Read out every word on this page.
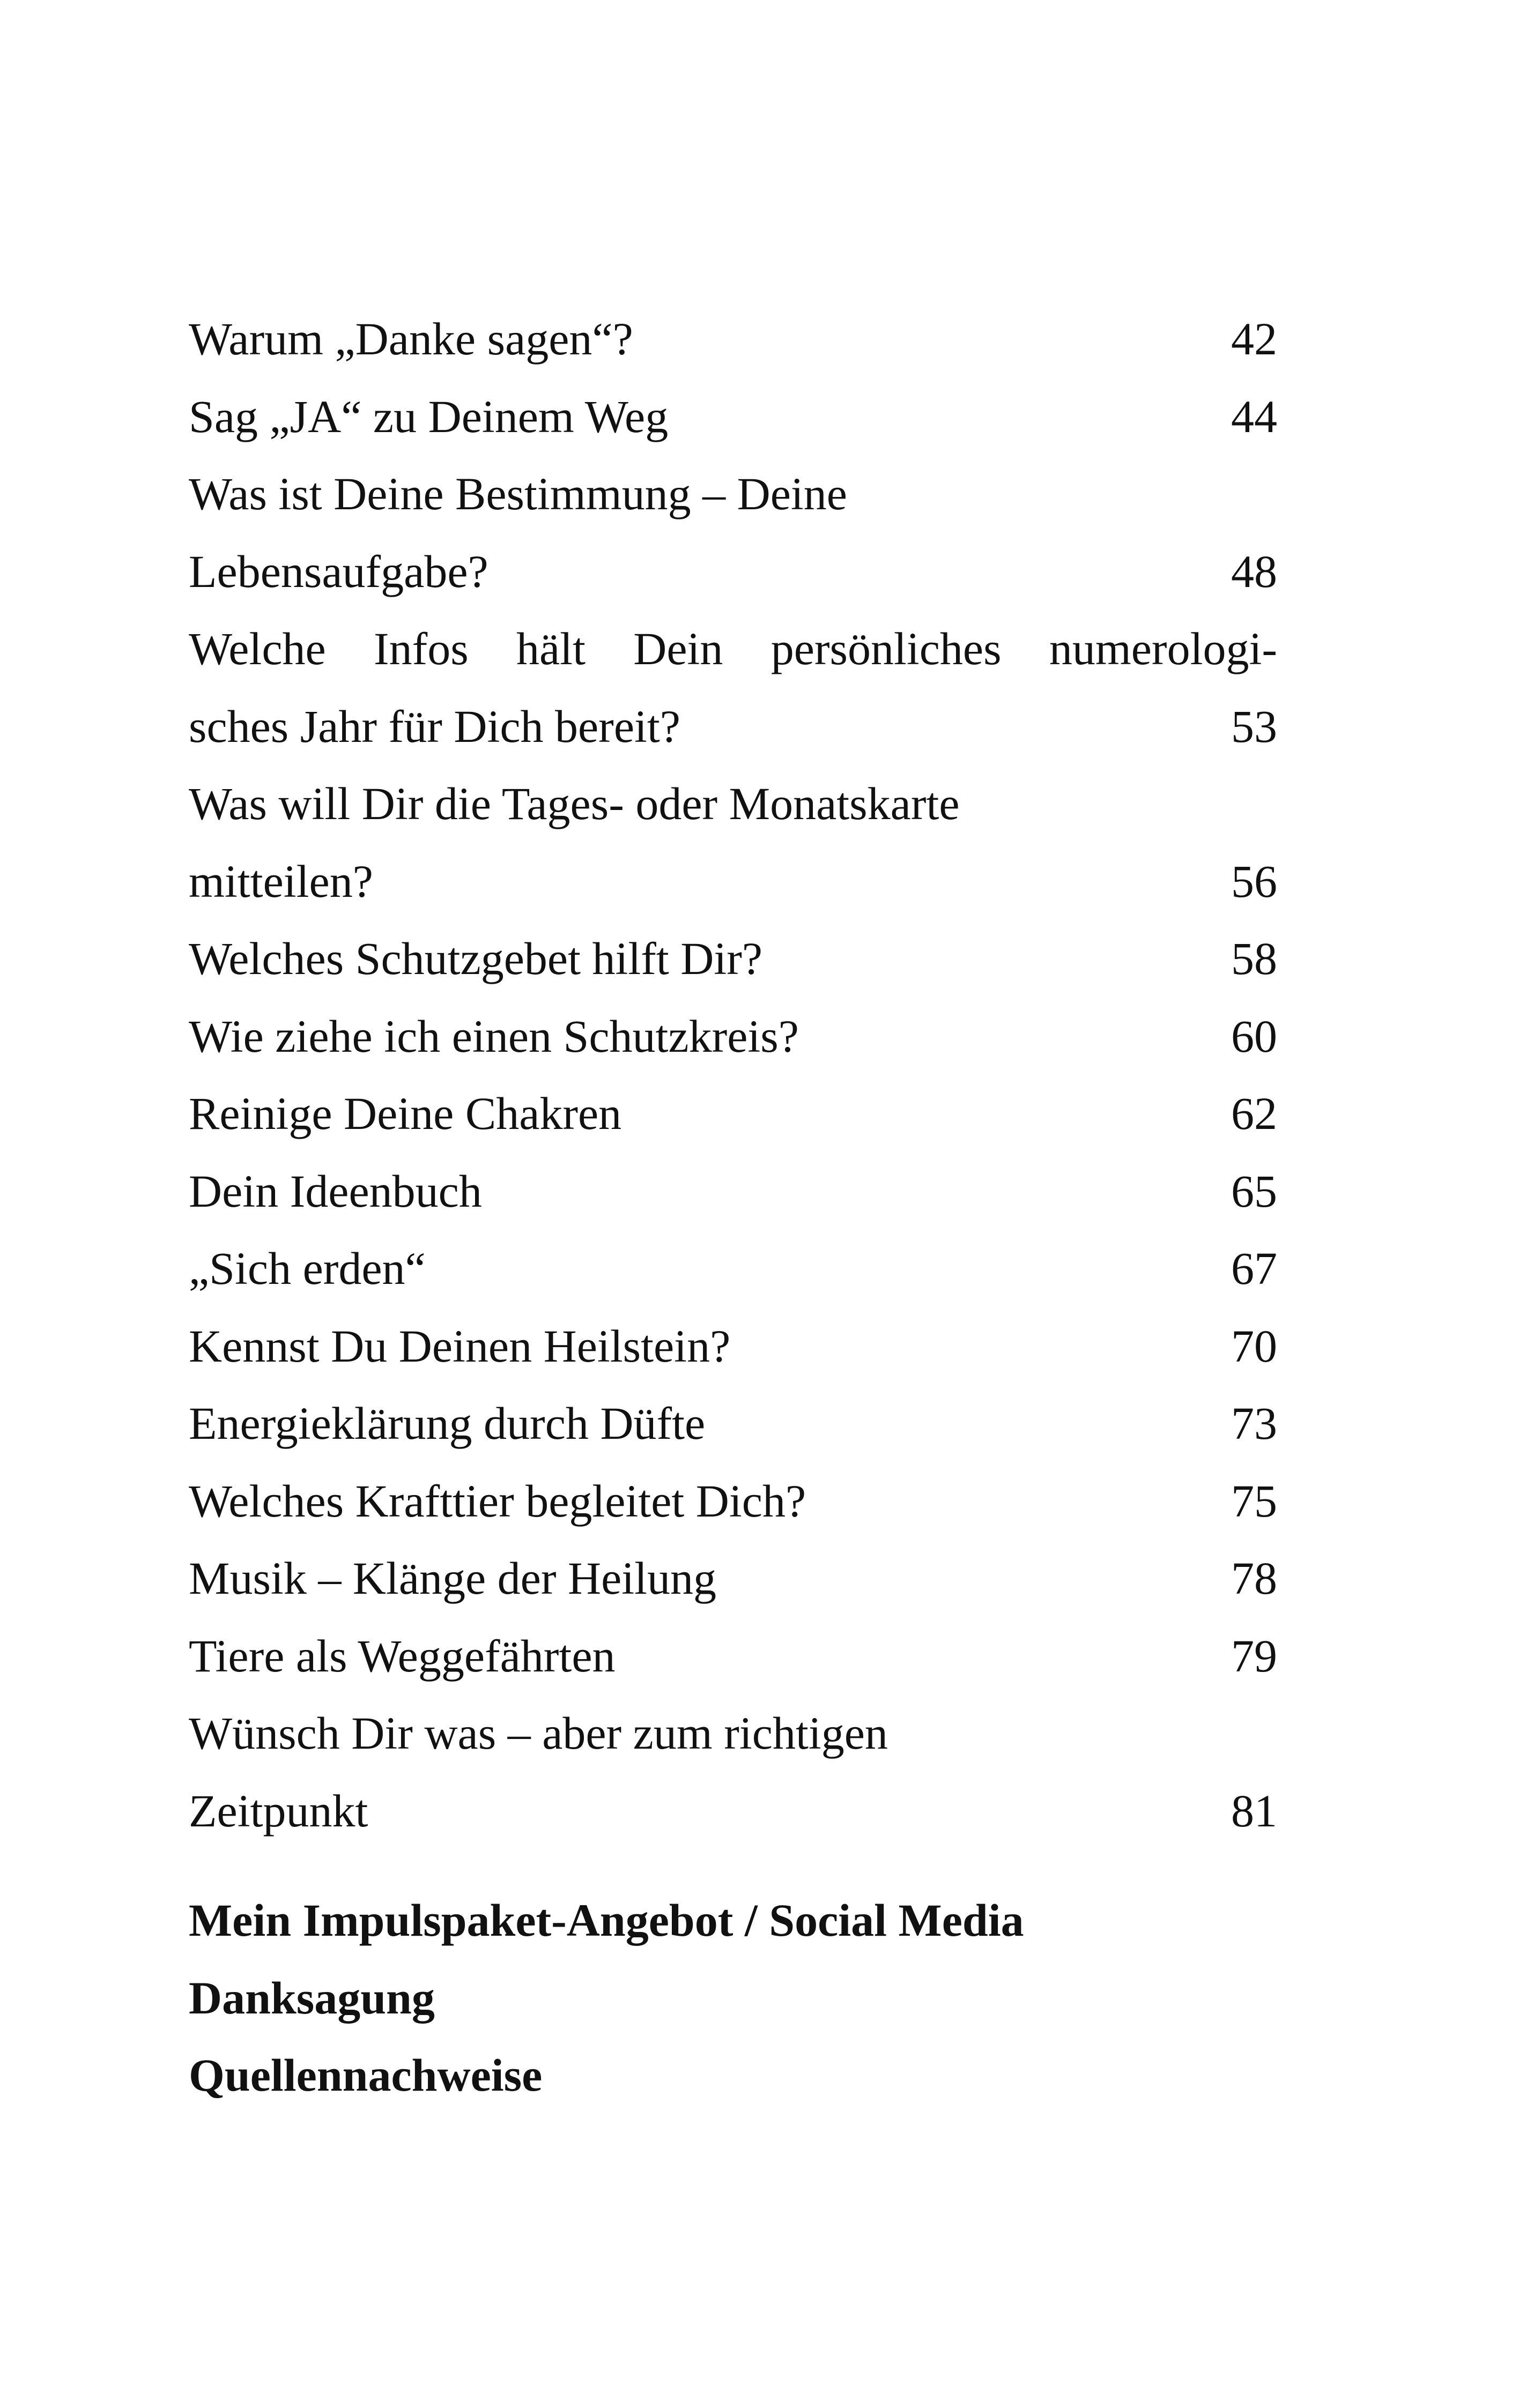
Warum „Danke sagen“?	42
Sag „JA“ zu Deinem Weg	44
Was ist Deine Bestimmung – Deine
Lebensaufgabe?	48
Welche Infos hält Dein persönliches numerologi-
sches Jahr für Dich bereit?	53
Was will Dir die Tages- oder Monatskarte
mitteilen?	56
Welches Schutzgebet hilft Dir?	58
Wie ziehe ich einen Schutzkreis?	60
Reinige Deine Chakren	62
Dein Ideenbuch	65
„Sich erden“	67
Kennst Du Deinen Heilstein?	70
Energieklärung durch Düfte	73
Welches Krafttier begleitet Dich?	75
Musik – Klänge der Heilung	78
Tiere als Weggefährten	79
Wünsch Dir was – aber zum richtigen
Zeitpunkt	81
Mein Impulspaket-Angebot / Social Media
Danksagung
Quellennachweise
